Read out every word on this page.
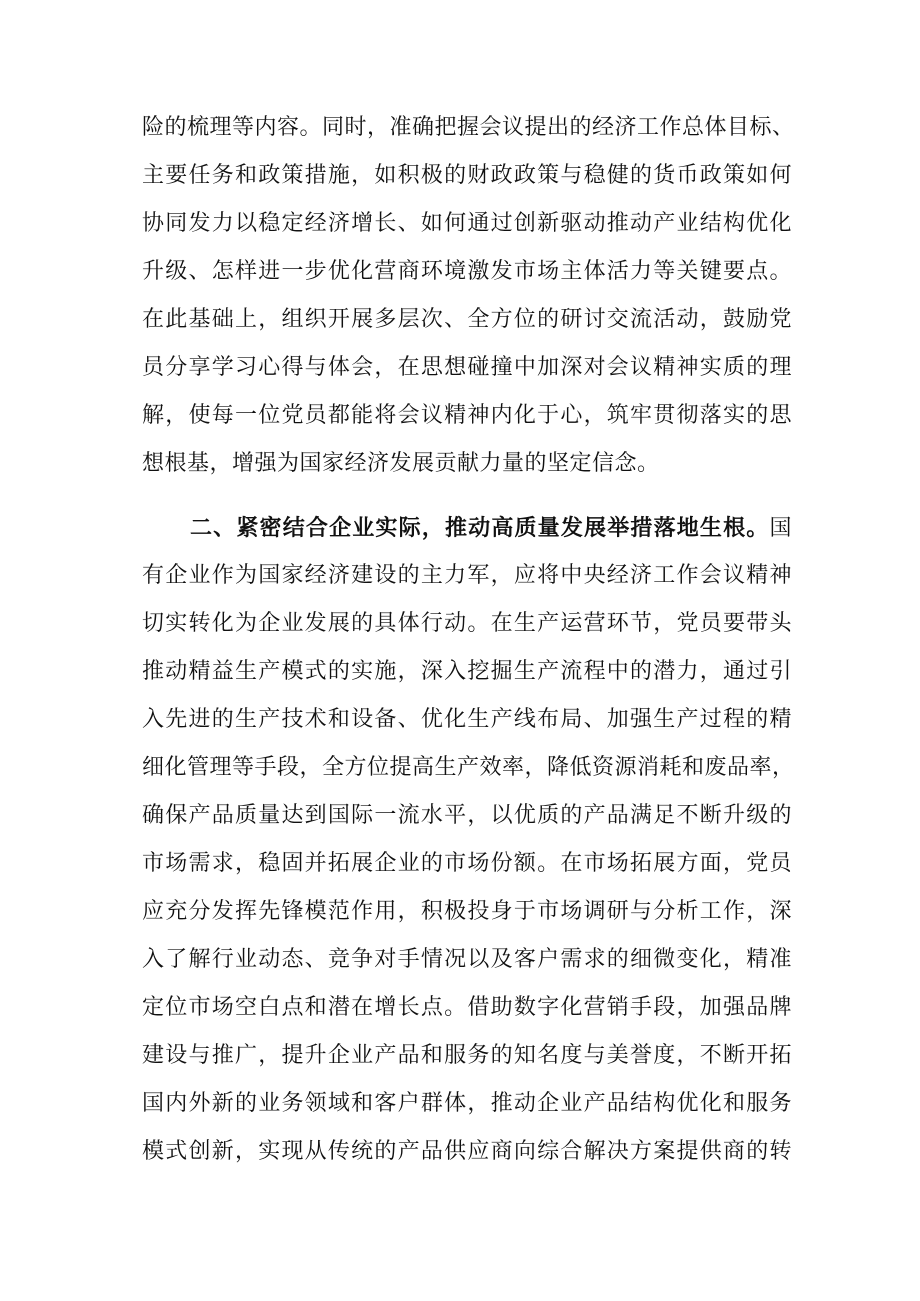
险的梳理等内容。同时，准确把握会议提出的经济工作总体目标、
主要任务和政策措施，如积极的财政政策与稳健的货币政策如何
协同发力以稳定经济增长、如何通过创新驱动推动产业结构优化
升级、怎样进一步优化营商环境激发市场主体活力等关键要点。
在此基础上，组织开展多层次、全方位的研讨交流活动，鼓励党
员分享学习心得与体会，在思想碰撞中加深对会议精神实质的理
解，使每一位党员都能将会议精神内化于心，筑牢贯彻落实的思
想根基，增强为国家经济发展贡献力量的坚定信念。
二、紧密结合企业实际，推动高质量发展举措落地生根。国
有企业作为国家经济建设的主力军，应将中央经济工作会议精神
切实转化为企业发展的具体行动。在生产运营环节，党员要带头
推动精益生产模式的实施，深入挖掘生产流程中的潜力，通过引
入先进的生产技术和设备、优化生产线布局、加强生产过程的精
细化管理等手段，全方位提高生产效率，降低资源消耗和废品率，
确保产品质量达到国际一流水平，以优质的产品满足不断升级的
市场需求，稳固并拓展企业的市场份额。在市场拓展方面，党员
应充分发挥先锋模范作用，积极投身于市场调研与分析工作，深
入了解行业动态、竞争对手情况以及客户需求的细微变化，精准
定位市场空白点和潜在增长点。借助数字化营销手段，加强品牌
建设与推广，提升企业产品和服务的知名度与美誉度，不断开拓
国内外新的业务领域和客户群体，推动企业产品结构优化和服务
模式创新，实现从传统的产品供应商向综合解决方案提供商的转
